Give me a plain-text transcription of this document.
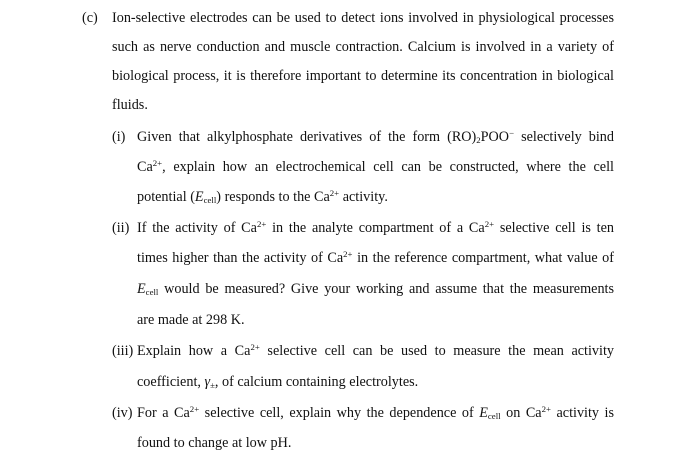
(c) Ion-selective electrodes can be used to detect ions involved in physiological processes
such as nerve conduction and muscle contraction. Calcium is involved in a variety of
biological process, it is therefore important to determine its concentration in biological
fluids.
(i) Given that alkylphosphate derivatives of the form $(RO)_2POO^-$ selectively bind
$Ca^{2+}$, explain how an electrochemical cell can be constructed, where the cell
potential $(E_{cell})$ responds to the $Ca^{2+}$ activity.
(ii) If the activity of $Ca^{2+}$ in the analyte compartment of a $Ca^{2+}$ selective cell is ten
times higher than the activity of $Ca^{2+}$ in the reference compartment, what value of
$E_{cell}$ would be measured? Give your working and assume that the measurements
are made at 298 K.
(iii) Explain how a $Ca^{2+}$ selective cell can be used to measure the mean activity
coefficient, $\gamma_\pm$, of calcium containing electrolytes.
(iv) For a $Ca^{2+}$ selective cell, explain why the dependence of $E_{cell}$ on $Ca^{2+}$ activity is
found to change at low pH.
